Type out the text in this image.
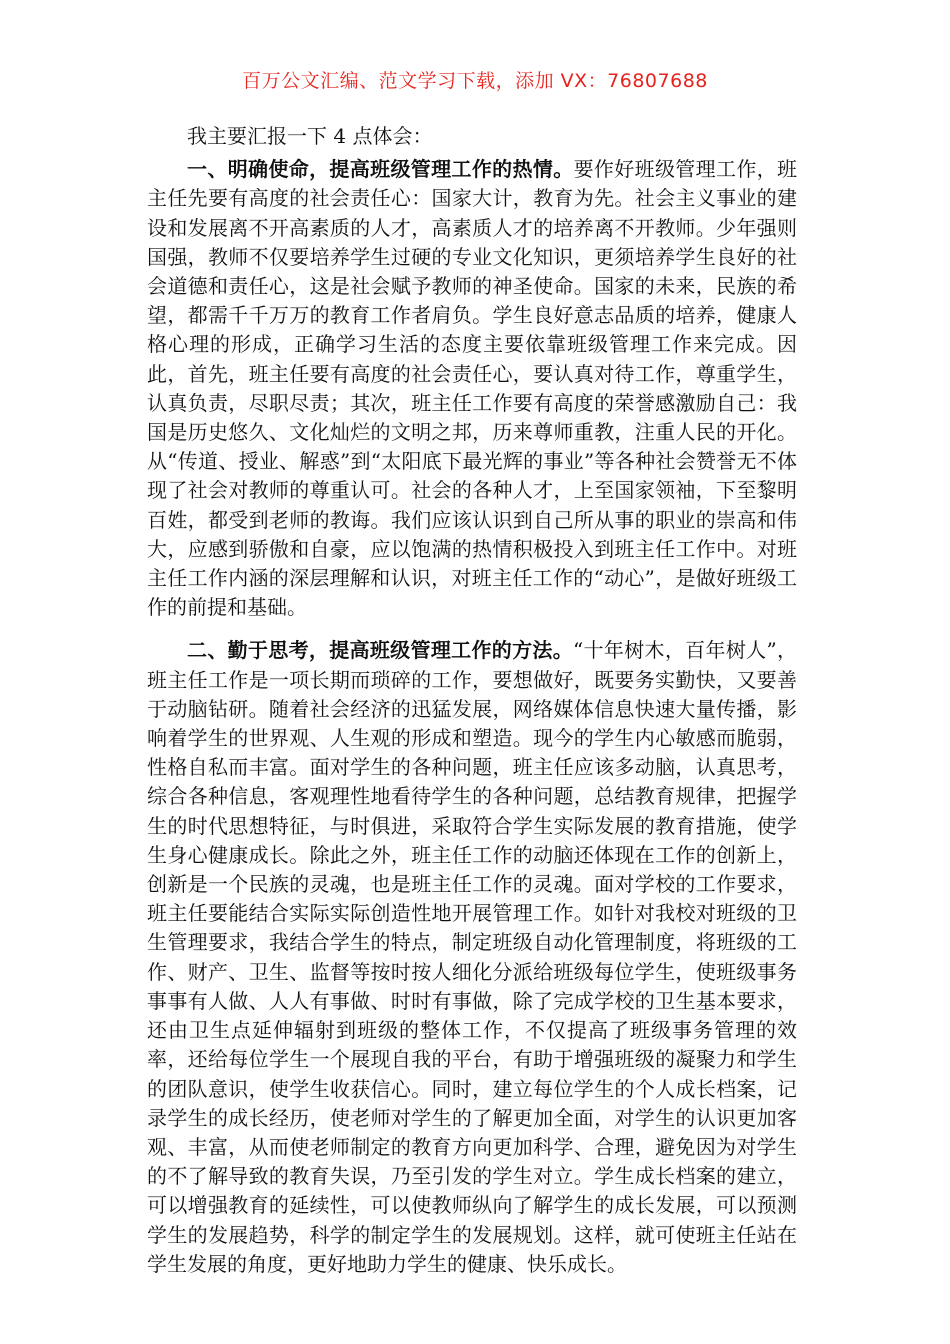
百万公文汇编、范文学习下载，添加 VX：76807688

我主要汇报一下 4 点体会：

一、明确使命，提高班级管理工作的热情。要作好班级管理工作，班主任先要有高度的社会责任心：国家大计，教育为先。社会主义事业的建设和发展离不开高素质的人才，高素质人才的培养离不开教师。少年强则国强，教师不仅要培养学生过硬的专业文化知识，更须培养学生良好的社会道德和责任心，这是社会赋予教师的神圣使命。国家的未来，民族的希望，都需千千万万的教育工作者肩负。学生良好意志品质的培养，健康人格心理的形成，正确学习生活的态度主要依靠班级管理工作来完成。因此，首先，班主任要有高度的社会责任心，要认真对待工作，尊重学生，认真负责，尽职尽责；其次，班主任工作要有高度的荣誉感激励自己：我国是历史悠久、文化灿烂的文明之邦，历来尊师重教，注重人民的开化。从“传道、授业、解惑”到“太阳底下最光辉的事业”等各种社会赞誉无不体现了社会对教师的尊重认可。社会的各种人才，上至国家领袖，下至黎明百姓，都受到老师的教诲。我们应该认识到自己所从事的职业的崇高和伟大，应感到骄傲和自豪，应以饱满的热情积极投入到班主任工作中。对班主任工作内涵的深层理解和认识，对班主任工作的“动心”，是做好班级工作的前提和基础。

二、勤于思考，提高班级管理工作的方法。“十年树木，百年树人”，班主任工作是一项长期而琐碎的工作，要想做好，既要务实勤快，又要善于动脑钻研。随着社会经济的迅猛发展，网络媒体信息快速大量传播，影响着学生的世界观、人生观的形成和塑造。现今的学生内心敏感而脆弱，性格自私而丰富。面对学生的各种问题，班主任应该多动脑，认真思考，综合各种信息，客观理性地看待学生的各种问题，总结教育规律，把握学生的时代思想特征，与时俱进，采取符合学生实际发展的教育措施，使学生身心健康成长。除此之外，班主任工作的动脑还体现在工作的创新上，创新是一个民族的灵魂，也是班主任工作的灵魂。面对学校的工作要求，班主任要能结合实际实际创造性地开展管理工作。如针对我校对班级的卫生管理要求，我结合学生的特点，制定班级自动化管理制度，将班级的工作、财产、卫生、监督等按时按人细化分派给班级每位学生，使班级事务事事有人做、人人有事做、时时有事做，除了完成学校的卫生基本要求，还由卫生点延伸辐射到班级的整体工作，不仅提高了班级事务管理的效率，还给每位学生一个展现自我的平台，有助于增强班级的凝聚力和学生的团队意识，使学生收获信心。同时，建立每位学生的个人成长档案，记录学生的成长经历，使老师对学生的了解更加全面，对学生的认识更加客观、丰富，从而使老师制定的教育方向更加科学、合理，避免因为对学生的不了解导致的教育失误，乃至引发的学生对立。学生成长档案的建立，可以增强教育的延续性，可以使教师纵向了解学生的成长发展，可以预测学生的发展趋势，科学的制定学生的发展规划。这样，就可使班主任站在学生发展的角度，更好地助力学生的健康、快乐成长。
